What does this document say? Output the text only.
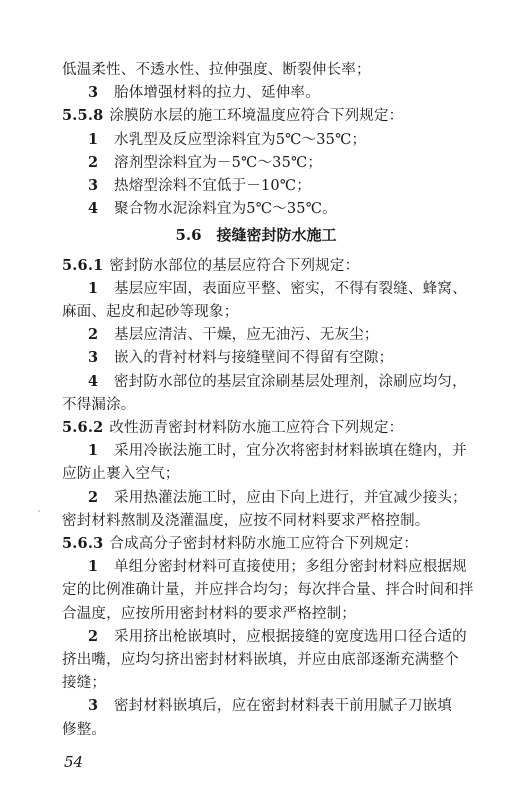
低温柔性、不透水性、拉伸强度、断裂伸长率；
3 胎体增强材料的拉力、延伸率。
5.5.8 涂膜防水层的施工环境温度应符合下列规定：
1 水乳型及反应型涂料宜为5℃～35℃；
2 溶剂型涂料宜为－5℃～35℃；
3 热熔型涂料不宜低于－10℃；
4 聚合物水泥涂料宜为5℃～35℃。
5.6　接缝密封防水施工
5.6.1 密封防水部位的基层应符合下列规定：
1 基层应牢固，表面应平整、密实，不得有裂缝、蜂窝、
麻面、起皮和起砂等现象；
2 基层应清洁、干燥，应无油污、无灰尘；
3 嵌入的背衬材料与接缝壁间不得留有空隙；
4 密封防水部位的基层宜涂刷基层处理剂，涂刷应均匀，
不得漏涂。
5.6.2 改性沥青密封材料防水施工应符合下列规定：
1 采用冷嵌法施工时，宜分次将密封材料嵌填在缝内，并
应防止裹入空气；
2 采用热灌法施工时，应由下向上进行，并宜减少接头；
密封材料熬制及浇灌温度，应按不同材料要求严格控制。
5.6.3 合成高分子密封材料防水施工应符合下列规定：
1 单组分密封材料可直接使用；多组分密封材料应根据规
定的比例准确计量，并应拌合均匀；每次拌合量、拌合时间和拌
合温度，应按所用密封材料的要求严格控制；
2 采用挤出枪嵌填时，应根据接缝的宽度选用口径合适的
挤出嘴，应均匀挤出密封材料嵌填，并应由底部逐渐充满整个
54
接缝；
3 密封材料嵌填后，应在密封材料表干前用腻子刀嵌填
修整。
